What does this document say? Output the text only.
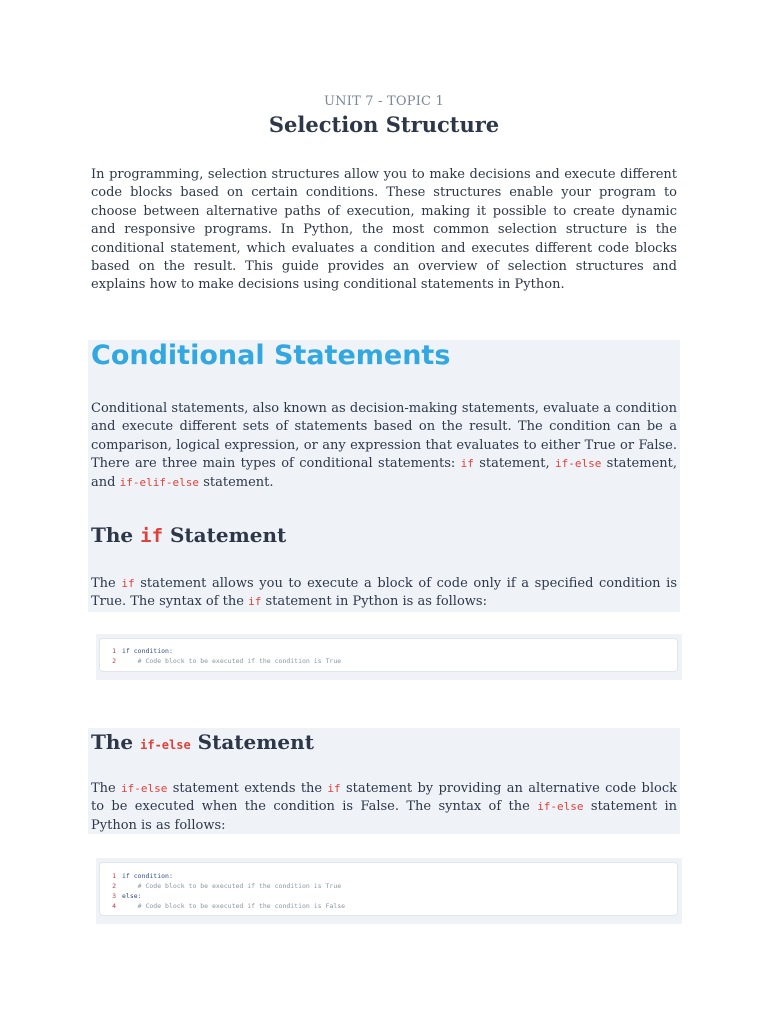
UNIT 7 - TOPIC 1
Selection Structure

In programming, selection structures allow you to make decisions and execute different code blocks based on certain conditions. These structures enable your program to choose between alternative paths of execution, making it possible to create dynamic and responsive programs. In Python, the most common selection structure is the conditional statement, which evaluates a condition and executes different code blocks based on the result. This guide provides an overview of selection structures and explains how to make decisions using conditional statements in Python.

Conditional Statements

Conditional statements, also known as decision-making statements, evaluate a condition and execute different sets of statements based on the result. The condition can be a comparison, logical expression, or any expression that evaluates to either True or False. There are three main types of conditional statements: if statement, if-else statement, and if-elif-else statement.

The if Statement

The if statement allows you to execute a block of code only if a specified condition is True. The syntax of the if statement in Python is as follows:

1 if condition:
2 # Code block to be executed if the condition is True
The if-else Statement

The if-else statement extends the if statement by providing an alternative code block to be executed when the condition is False. The syntax of the if-else statement in Python is as follows:

1 if condition:
2 # Code block to be executed if the condition is True
3 else:
4 # Code block to be executed if the condition is False
